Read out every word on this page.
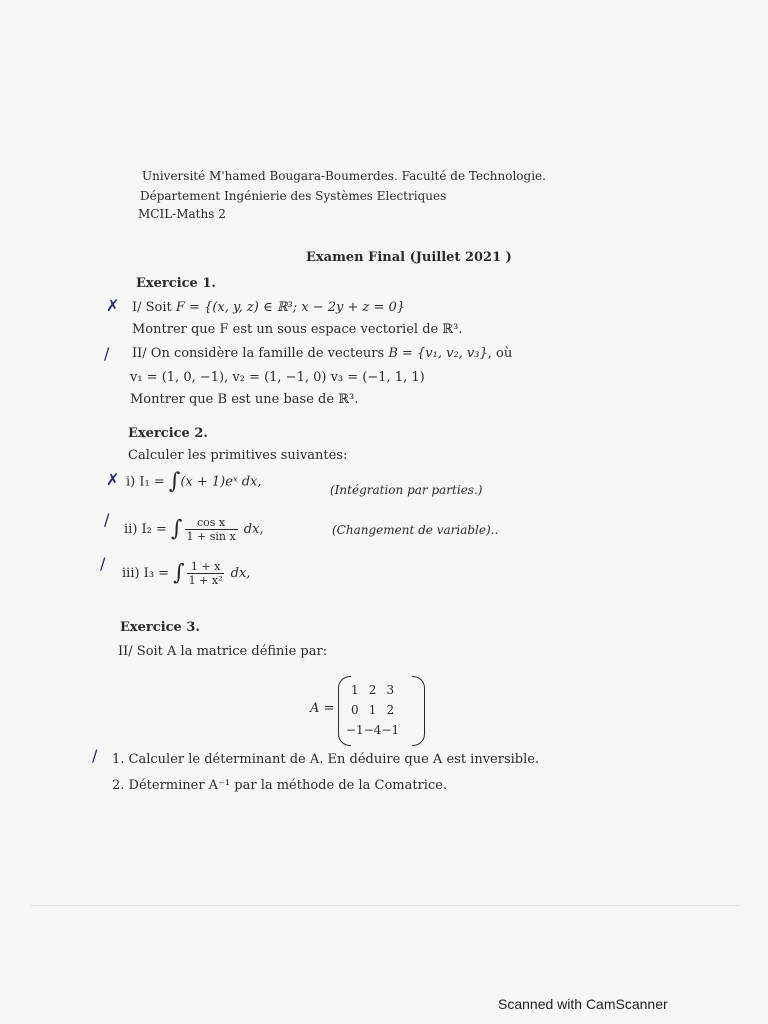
Université M'hamed Bougara-Boumerdes. Faculté de Technologie.
Département Ingénierie des Systèmes Electriques
MCIL-Maths 2
Examen Final (Juillet 2021 )
Exercice 1.
✗ I/ Soit F = {(x, y, z) ∈ ℝ³; x − 2y + z = 0}
Montrer que F est un sous espace vectoriel de ℝ³.
/ II/ On considère la famille de vecteurs B = {v₁, v₂, v₃}, où
v₁ = (1, 0, −1), v₂ = (1, −1, 0) v₃ = (−1, 1, 1)
Montrer que B est une base de ℝ³.
Exercice 2.
Calculer les primitives suivantes:
✗ i) I₁ = ∫(x + 1)eˣ dx,
(Intégration par parties.)
/
ii) I₂ = ∫ $\frac{\text{cos x}}{\text{1 + sin x}}$ dx,	(Changement de variable)..
/
iii) I₃ = ∫ $\frac{1 + x}{\text{1 + x²}}$ dx,
Exercice 3.
II/ Soit A la matrice définie par:
A =
1	2	3
0	1	2
−1	−4	−1
/ 1. Calculer le déterminant de A. En déduire que A est inversible.
2. Déterminer A⁻¹ par la méthode de la Comatrice.
Scanned with CamScanner
